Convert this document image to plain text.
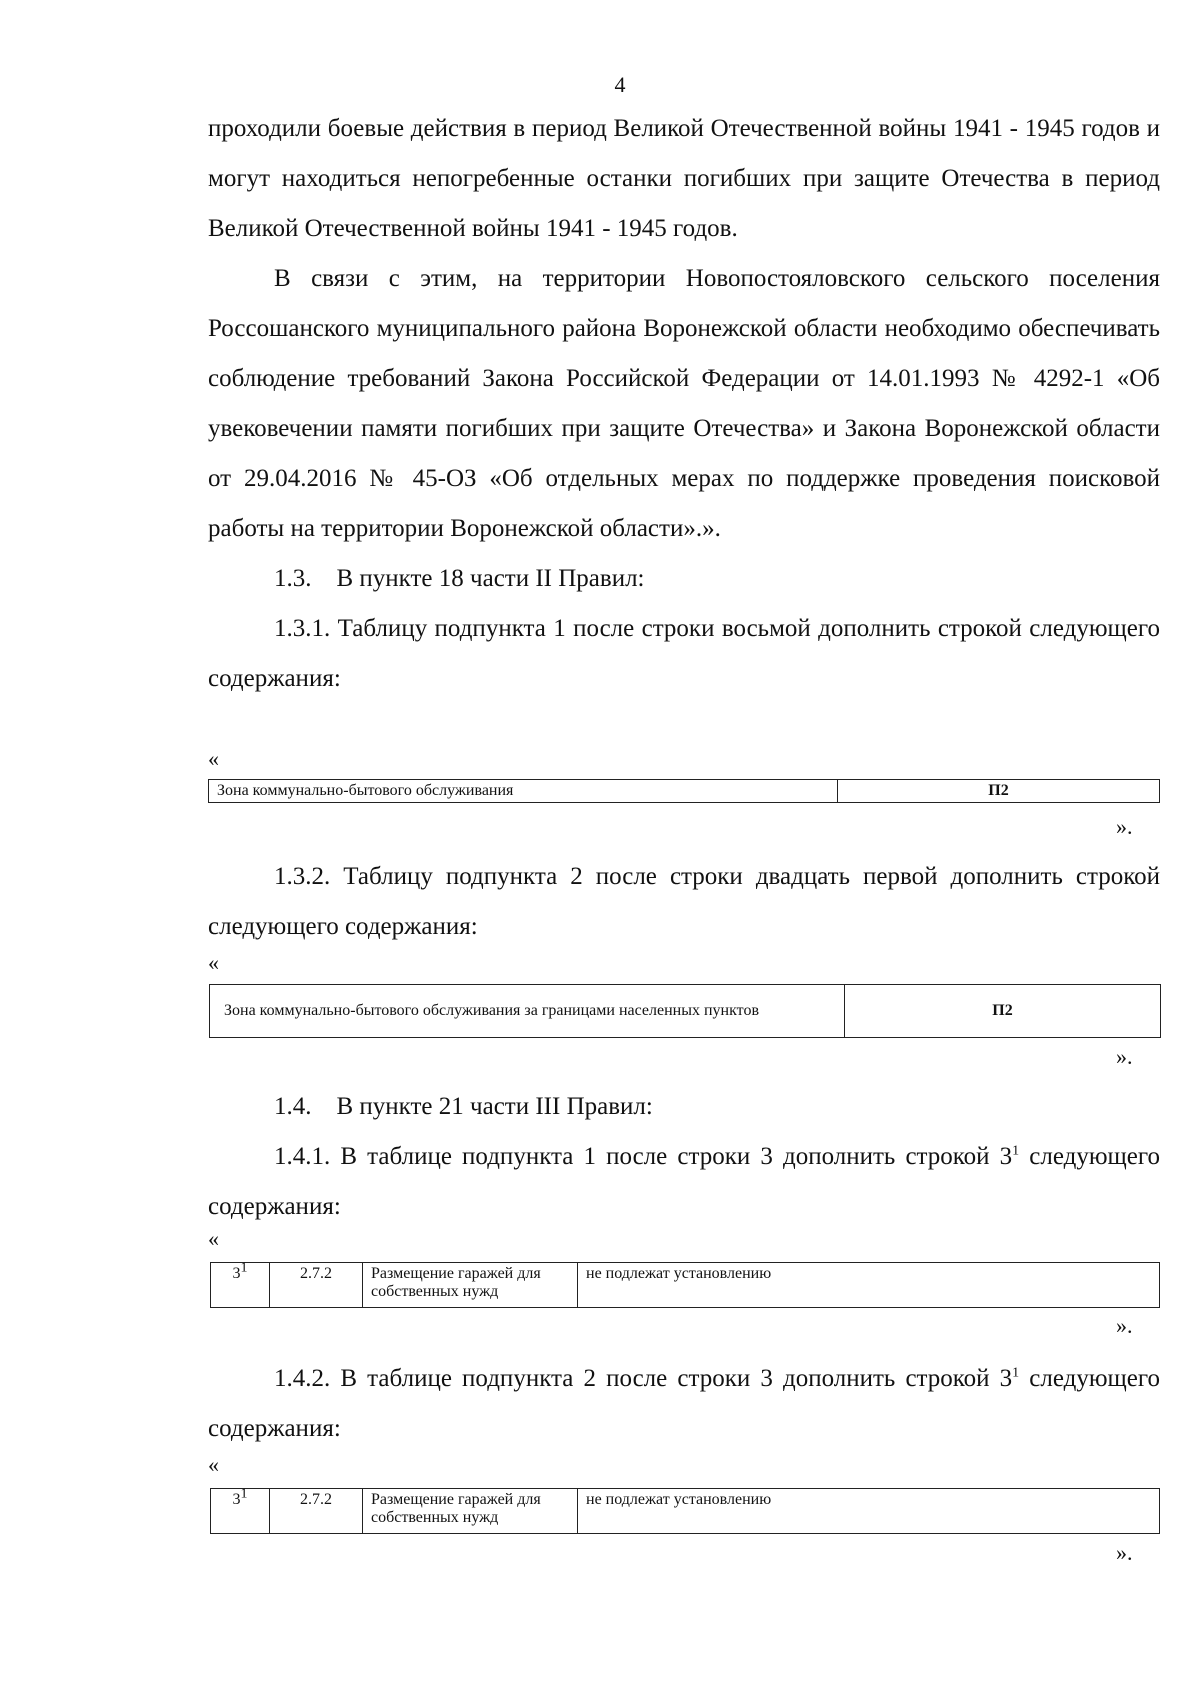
4

проходили боевые действия в период Великой Отечественной войны 1941 - 1945 годов и могут находиться непогребенные останки погибших при защите Отечества в период Великой Отечественной войны 1941 - 1945 годов.

В связи с этим, на территории Новопостояловского сельского поселения Россошанского муниципального района Воронежской области необходимо обеспечивать соблюдение требований Закона Российской Федерации от 14.01.1993 № 4292-1 «Об увековечении памяти погибших при защите Отечества» и Закона Воронежской области от 29.04.2016 № 45-ОЗ «Об отдельных мерах по поддержке проведения поисковой работы на территории Воронежской области».».

1.3.    В пункте 18 части II Правил:

1.3.1. Таблицу подпункта 1 после строки восьмой дополнить строкой следующего содержания:

«
Зона коммунально-бытового обслуживания	П2
».

1.3.2. Таблицу подпункта 2 после строки двадцать первой дополнить строкой следующего содержания:

«
Зона коммунально-бытового обслуживания за границами населенных пунктов	П2
».

1.4.    В пункте 21 части III Правил:

1.4.1. В таблице подпункта 1 после строки 3 дополнить строкой $3^1$ следующего содержания:

«
$3^1$	2.7.2	Размещение гаражей для собственных нужд	не подлежат установлению
».

1.4.2. В таблице подпункта 2 после строки 3 дополнить строкой $3^1$ следующего содержания:

«
$3^1$	2.7.2	Размещение гаражей для собственных нужд	не подлежат установлению
».
